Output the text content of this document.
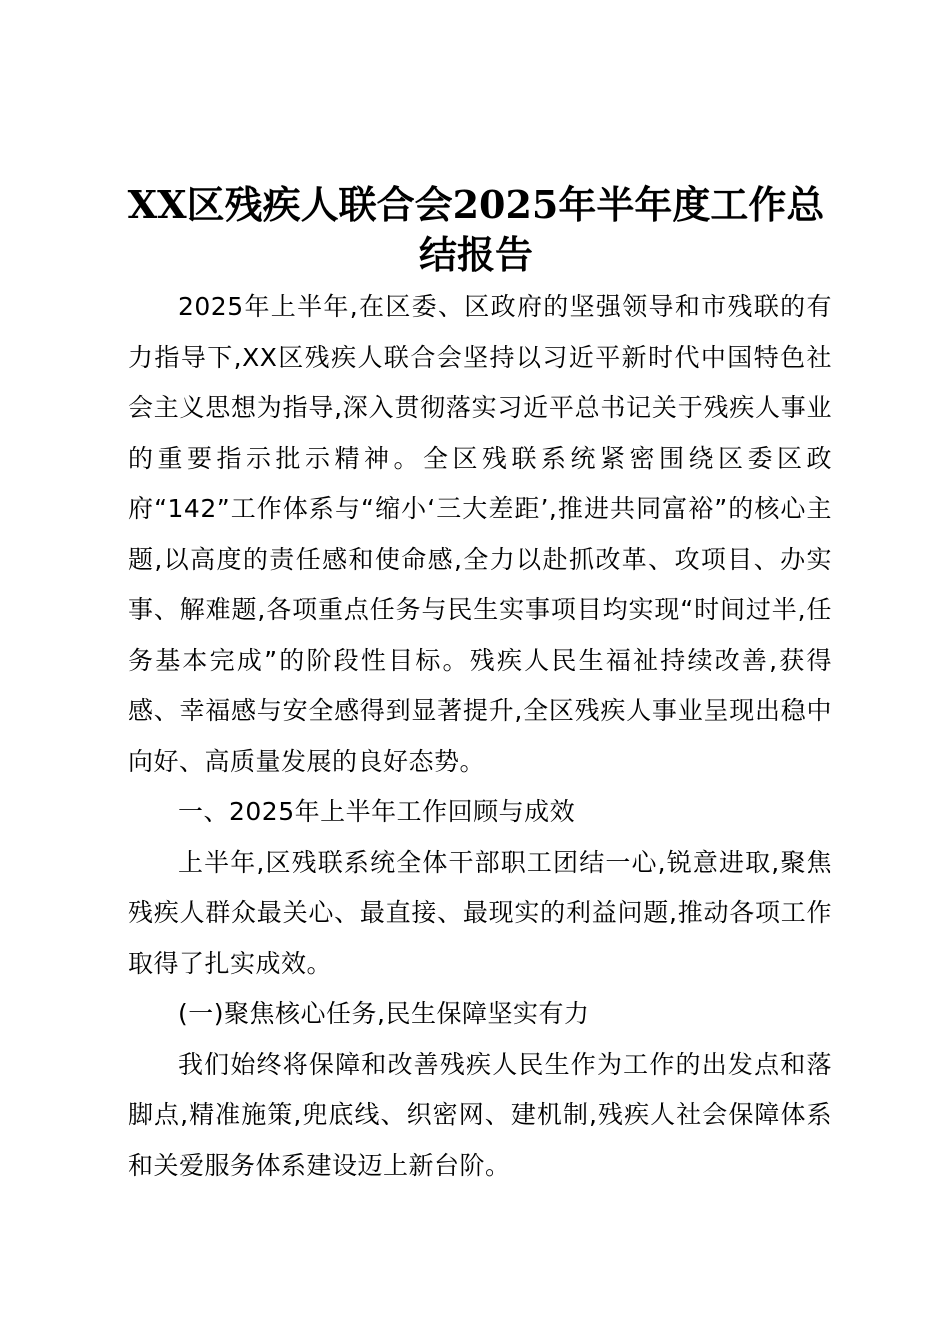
XX区残疾人联合会2025年半年度工作总结报告

2025年上半年,在区委、区政府的坚强领导和市残联的有力指导下,XX区残疾人联合会坚持以习近平新时代中国特色社会主义思想为指导,深入贯彻落实习近平总书记关于残疾人事业的重要指示批示精神。全区残联系统紧密围绕区委区政府“142”工作体系与“缩小‘三大差距’,推进共同富裕”的核心主题,以高度的责任感和使命感,全力以赴抓改革、攻项目、办实事、解难题,各项重点任务与民生实事项目均实现“时间过半,任务基本完成”的阶段性目标。残疾人民生福祉持续改善,获得感、幸福感与安全感得到显著提升,全区残疾人事业呈现出稳中向好、高质量发展的良好态势。

一、2025年上半年工作回顾与成效

上半年,区残联系统全体干部职工团结一心,锐意进取,聚焦残疾人群众最关心、最直接、最现实的利益问题,推动各项工作取得了扎实成效。

(一)聚焦核心任务,民生保障坚实有力

我们始终将保障和改善残疾人民生作为工作的出发点和落脚点,精准施策,兜底线、织密网、建机制,残疾人社会保障体系和关爱服务体系建设迈上新台阶。
